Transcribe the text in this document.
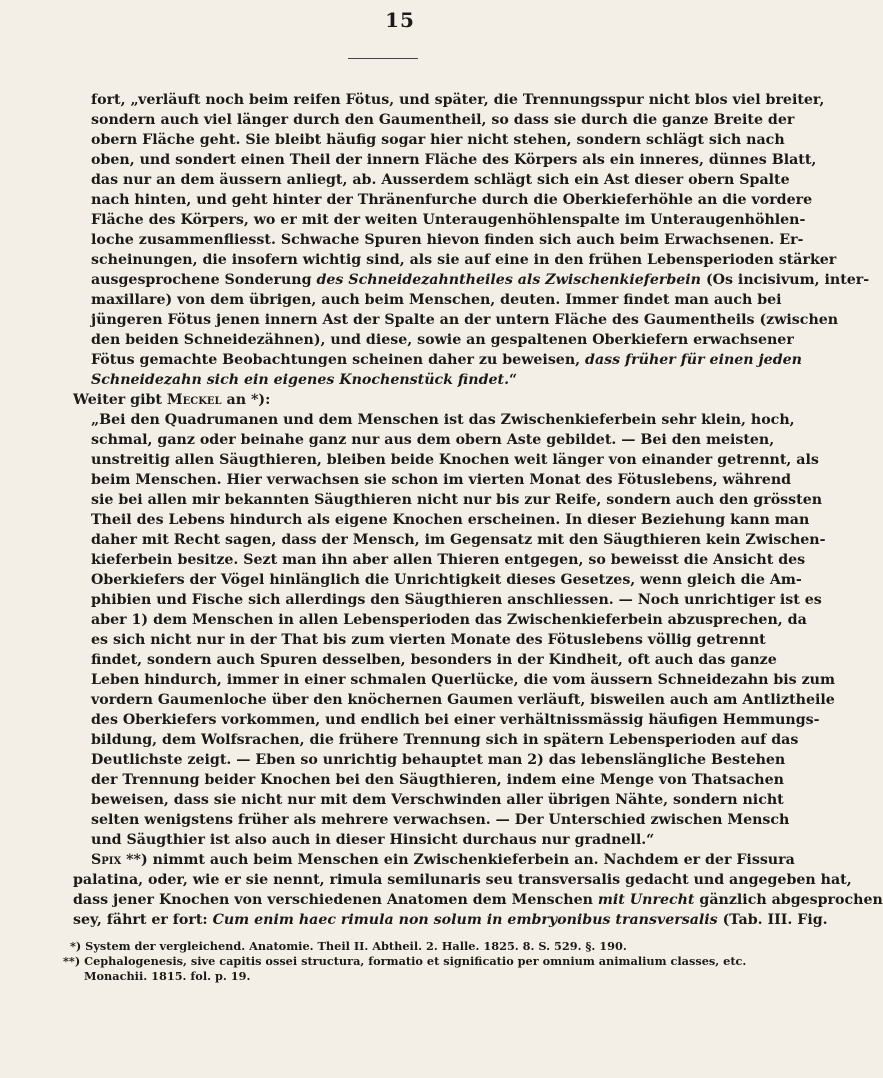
15
fort, „verläuft noch beim reifen Fötus, und später, die Trennungsspur nicht blos viel breiter,
sondern auch viel länger durch den Gaumentheil, so dass sie durch die ganze Breite der
obern Fläche geht. Sie bleibt häufig sogar hier nicht stehen, sondern schlägt sich nach
oben, und sondert einen Theil der innern Fläche des Körpers als ein inneres, dünnes Blatt,
das nur an dem äussern anliegt, ab. Ausserdem schlägt sich ein Ast dieser obern Spalte
nach hinten, und geht hinter der Thränenfurche durch die Oberkieferhöhle an die vordere
Fläche des Körpers, wo er mit der weiten Unteraugenhöhlenspalte im Unteraugenhöhlen-
loche zusammenfliesst. Schwache Spuren hievon finden sich auch beim Erwachsenen. Er-
scheinungen, die insofern wichtig sind, als sie auf eine in den frühen Lebensperioden stärker
ausgesprochene Sonderung des Schneidezahntheiles als Zwischenkieferbein (Os incisivum, inter-
maxillare) von dem übrigen, auch beim Menschen, deuten. Immer findet man auch bei
jüngeren Fötus jenen innern Ast der Spalte an der untern Fläche des Gaumentheils (zwischen
den beiden Schneidezähnen), und diese, sowie an gespaltenen Oberkiefern erwachsener
Fötus gemachte Beobachtungen scheinen daher zu beweisen, dass früher für einen jeden
Schneidezahn sich ein eigenes Knochenstück findet.“
Weiter gibt Meckel an *):
„Bei den Quadrumanen und dem Menschen ist das Zwischenkieferbein sehr klein, hoch,
schmal, ganz oder beinahe ganz nur aus dem obern Aste gebildet. — Bei den meisten,
unstreitig allen Säugthieren, bleiben beide Knochen weit länger von einander getrennt, als
beim Menschen. Hier verwachsen sie schon im vierten Monat des Fötuslebens, während
sie bei allen mir bekannten Säugthieren nicht nur bis zur Reife, sondern auch den grössten
Theil des Lebens hindurch als eigene Knochen erscheinen. In dieser Beziehung kann man
daher mit Recht sagen, dass der Mensch, im Gegensatz mit den Säugthieren kein Zwischen-
kieferbein besitze. Sezt man ihn aber allen Thieren entgegen, so beweisst die Ansicht des
Oberkiefers der Vögel hinlänglich die Unrichtigkeit dieses Gesetzes, wenn gleich die Am-
phibien und Fische sich allerdings den Säugthieren anschliessen. — Noch unrichtiger ist es
aber 1) dem Menschen in allen Lebensperioden das Zwischenkieferbein abzusprechen, da
es sich nicht nur in der That bis zum vierten Monate des Fötuslebens völlig getrennt
findet, sondern auch Spuren desselben, besonders in der Kindheit, oft auch das ganze
Leben hindurch, immer in einer schmalen Querlücke, die vom äussern Schneidezahn bis zum
vordern Gaumenloche über den knöchernen Gaumen verläuft, bisweilen auch am Antliztheile
des Oberkiefers vorkommen, und endlich bei einer verhältnissmässig häufigen Hemmungs-
bildung, dem Wolfsrachen, die frühere Trennung sich in spätern Lebensperioden auf das
Deutlichste zeigt. — Eben so unrichtig behauptet man 2) das lebenslängliche Bestehen
der Trennung beider Knochen bei den Säugthieren, indem eine Menge von Thatsachen
beweisen, dass sie nicht nur mit dem Verschwinden aller übrigen Nähte, sondern nicht
selten wenigstens früher als mehrere verwachsen. — Der Unterschied zwischen Mensch
und Säugthier ist also auch in dieser Hinsicht durchaus nur gradnell.“
Spix **) nimmt auch beim Menschen ein Zwischenkieferbein an. Nachdem er der Fissura
palatina, oder, wie er sie nennt, rimula semilunaris seu transversalis gedacht und angegeben hat,
dass jener Knochen von verschiedenen Anatomen dem Menschen mit Unrecht gänzlich abgesprochen
sey, fährt er fort: Cum enim haec rimula non solum in embryonibus transversalis (Tab. III. Fig.
*) System der vergleichend. Anatomie. Theil II. Abtheil. 2. Halle. 1825. 8. S. 529. §. 190.
**) Cephalogenesis, sive capitis ossei structura, formatio et significatio per omnium animalium classes, etc.
Monachii. 1815. fol. p. 19.
